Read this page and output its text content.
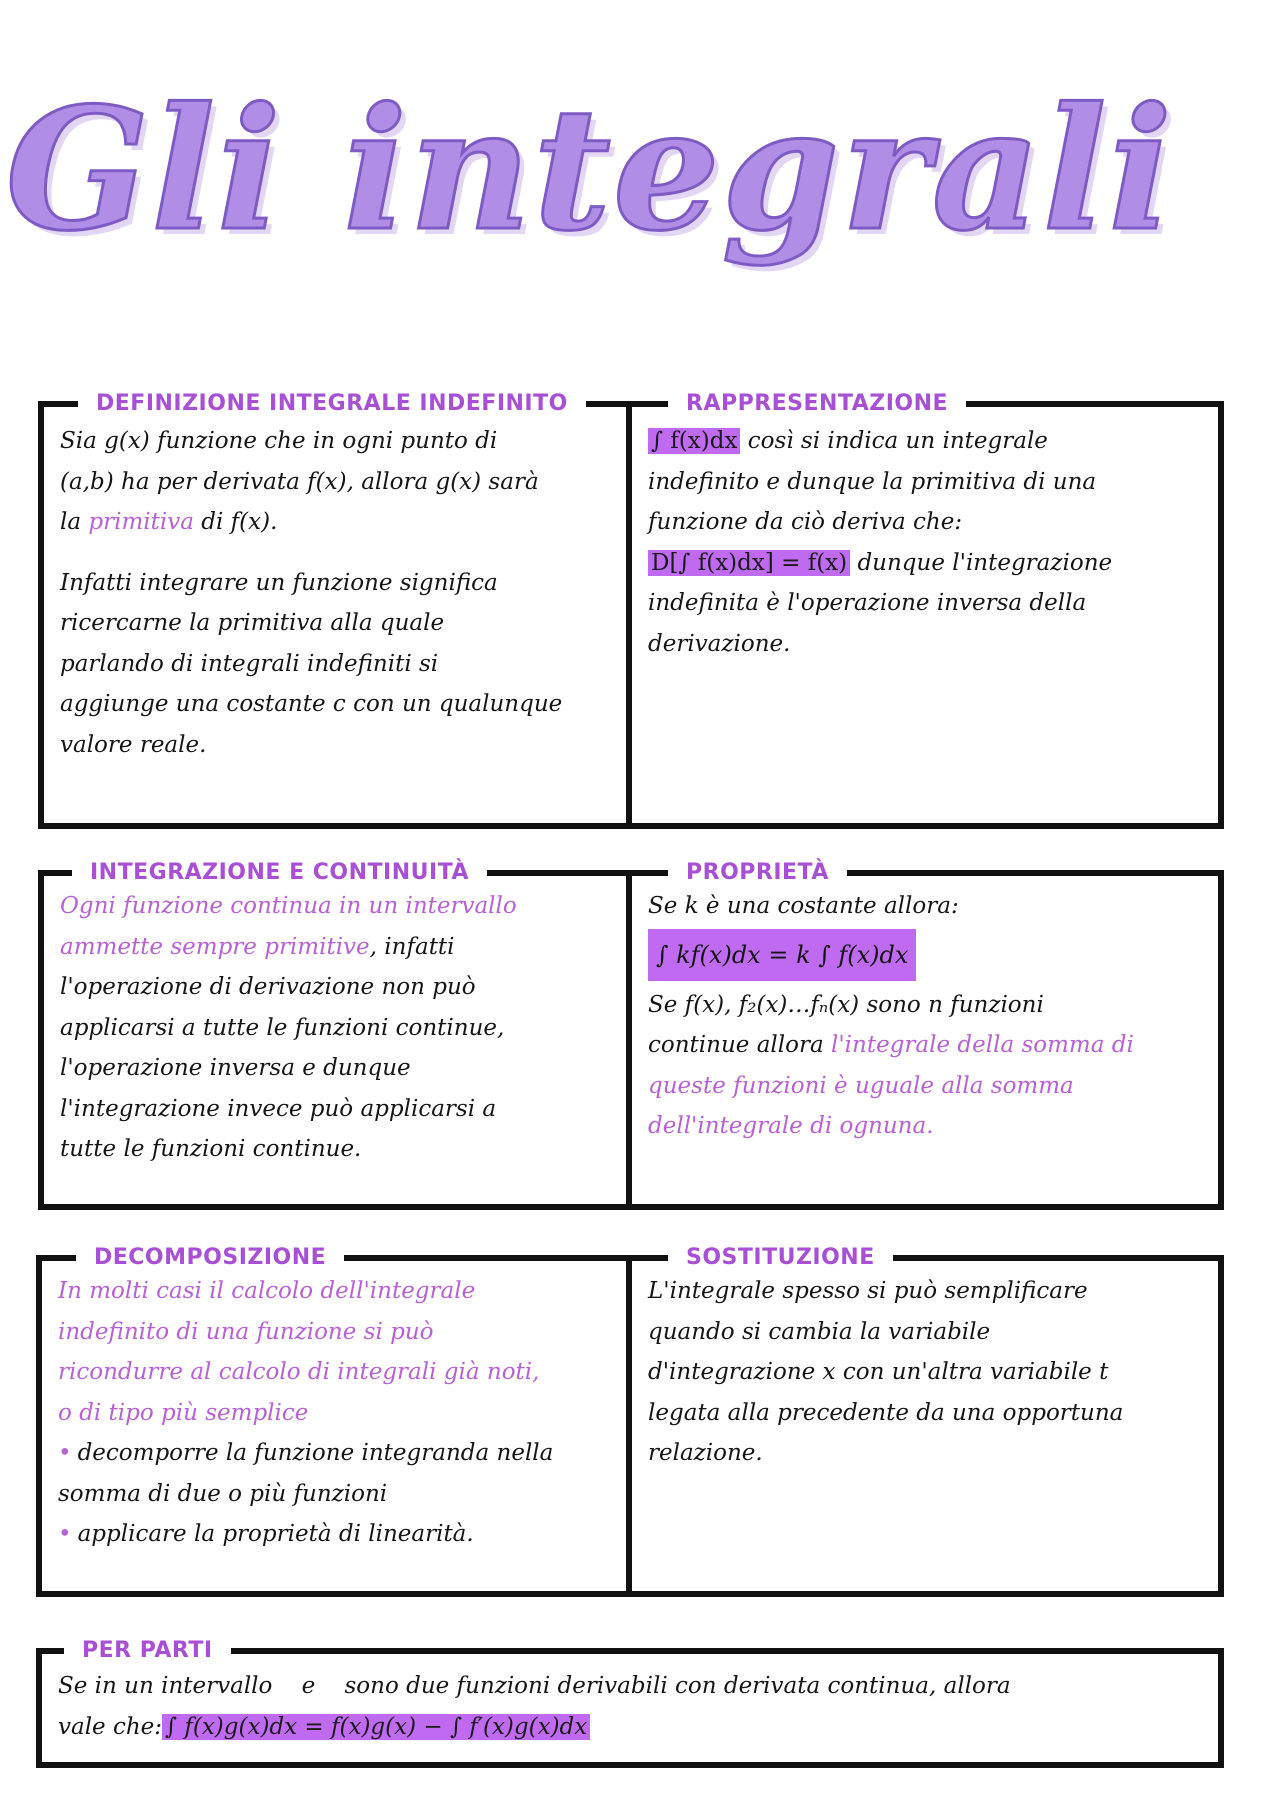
Gli integrali
DEFINIZIONE INTEGRALE INDEFINITO

Sia g(x) funzione che in ogni punto di

(a,b) ha per derivata f(x), allora g(x) sarà

la primitiva di f(x).

Infatti integrare un funzione significa

ricercarne la primitiva alla quale

parlando di integrali indefiniti si

aggiunge una costante c con un qualunque

valore reale.

RAPPRESENTAZIONE

∫ f(x)dx così si indica un integrale

indefinito e dunque la primitiva di una

funzione da ciò deriva che:

D[∫ f(x)dx] = f(x) dunque l'integrazione

indefinita è l'operazione inversa della

derivazione.

INTEGRAZIONE E CONTINUITÀ

Ogni funzione continua in un intervallo

ammette sempre primitive, infatti

l'operazione di derivazione non può

applicarsi a tutte le funzioni continue,

l'operazione inversa e dunque

l'integrazione invece può applicarsi a

tutte le funzioni continue.

PROPRIETÀ

Se k è una costante allora:

∫ kf(x)dx = k ∫ f(x)dx

Se f(x), f₂(x)…fₙ(x) sono n funzioni

continue allora l'integrale della somma di

queste funzioni è uguale alla somma

dell'integrale di ognuna.

DECOMPOSIZIONE

In molti casi il calcolo dell'integrale

indefinito di una funzione si può

ricondurre al calcolo di integrali già noti,

o di tipo più semplice

• decomporre la funzione integranda nella

somma di due o più funzioni

• applicare la proprietà di linearità.

SOSTITUZIONE

L'integrale spesso si può semplificare

quando si cambia la variabile

d'integrazione x con un'altra variabile t

legata alla precedente da una opportuna

relazione.

PER PARTI

Se in un intervallo    e    sono due funzioni derivabili con derivata continua, allora

vale che: ∫ f(x)g(x)dx = f(x)g(x) − ∫ f′(x)g(x)dx
